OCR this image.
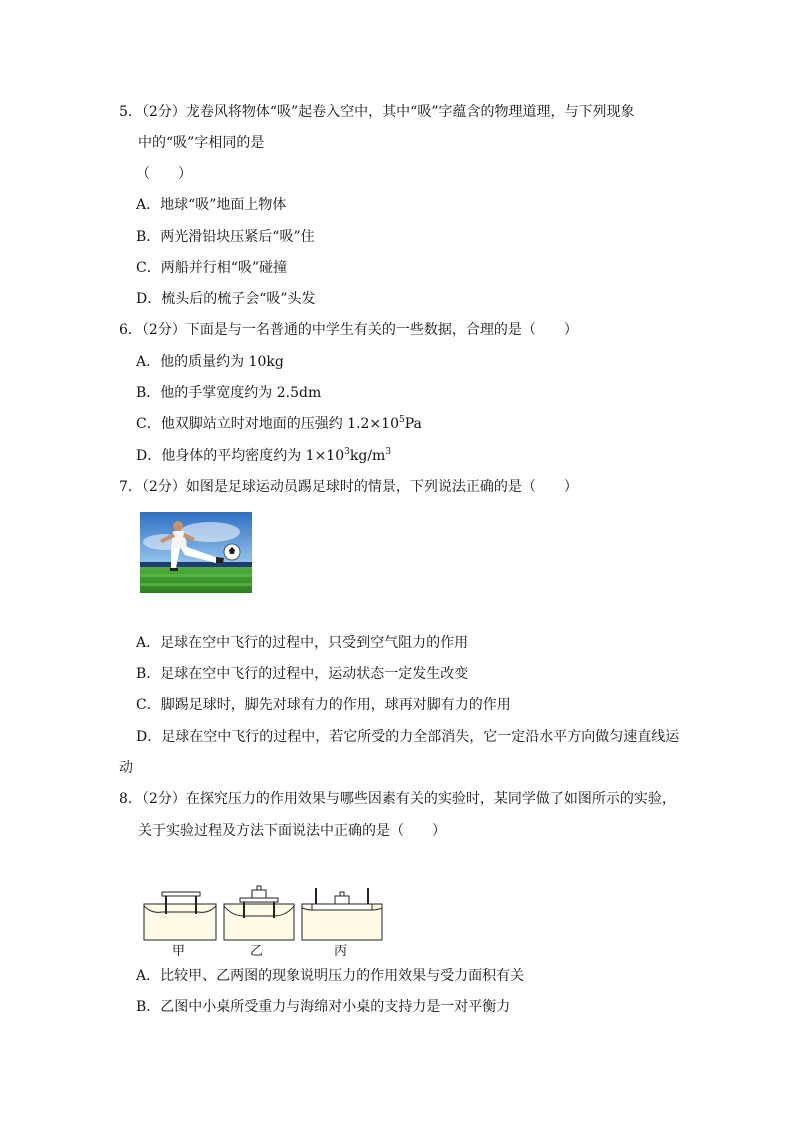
5．（2分）龙卷风将物体“吸”起卷入空中，其中“吸”字蕴含的物理道理，与下列现象
中的“吸”字相同的是
（　　）
A．地球“吸”地面上物体
B．两光滑铅块压紧后“吸”住
C．两船并行相“吸”碰撞
D．梳头后的梳子会“吸”头发
6．（2分）下面是与一名普通的中学生有关的一些数据，合理的是（　　）
A．他的质量约为 10kg
B．他的手掌宽度约为 2.5dm
C．他双脚站立时对地面的压强约 $1.2\times 10^5Pa$
D．他身体的平均密度约为 $1\times 10^3kg/m^3$
7．（2分）如图是足球运动员踢足球时的情景，下列说法正确的是（　　）
A．足球在空中飞行的过程中，只受到空气阻力的作用
B．足球在空中飞行的过程中，运动状态一定发生改变
C．脚踢足球时，脚先对球有力的作用，球再对脚有力的作用
D．足球在空中飞行的过程中，若它所受的力全部消失，它一定沿水平方向做匀速直线运
动
8．（2分）在探究压力的作用效果与哪些因素有关的实验时，某同学做了如图所示的实验，
关于实验过程及方法下面说法中正确的是（　　）
甲	乙	丙
A．比较甲、乙两图的现象说明压力的作用效果与受力面积有关
B．乙图中小桌所受重力与海绵对小桌的支持力是一对平衡力
